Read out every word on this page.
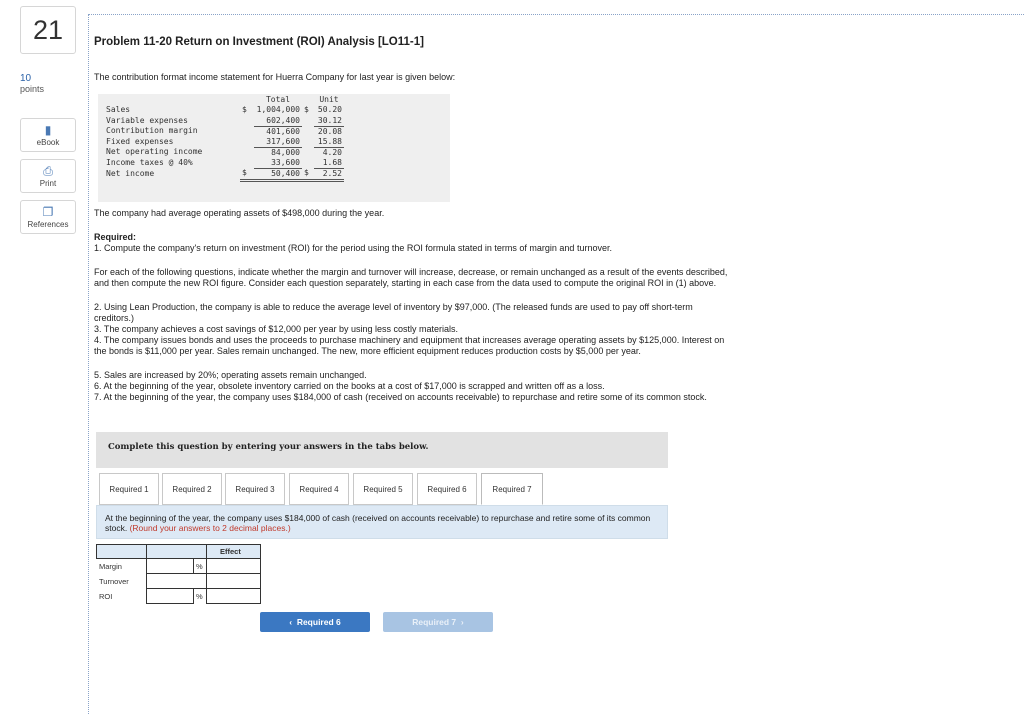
21
10
points
▮
eBook
⎙
Print
❐
References
Problem 11-20 Return on Investment (ROI) Analysis [LO11-1]
The contribution format income statement for Huerra Company for last year is given below:
		Total		Unit
Sales	$	1,004,000	$	50.20
Variable expenses		602,400		30.12
Contribution margin		401,600		20.08
Fixed expenses		317,600		15.88
Net operating income		84,000		4.20
Income taxes @ 40%		33,600		1.68
Net income	$	50,400	$	2.52
The company had average operating assets of $498,000 during the year.
Required:
1. Compute the company's return on investment (ROI) for the period using the ROI formula stated in terms of margin and turnover.
For each of the following questions, indicate whether the margin and turnover will increase, decrease, or remain unchanged as a result of the events described, and then compute the new ROI figure. Consider each question separately, starting in each case from the data used to compute the original ROI in (1) above.
2. Using Lean Production, the company is able to reduce the average level of inventory by $97,000. (The released funds are used to pay off short-term creditors.)
3. The company achieves a cost savings of $12,000 per year by using less costly materials.
4. The company issues bonds and uses the proceeds to purchase machinery and equipment that increases average operating assets by $125,000. Interest on the bonds is $11,000 per year. Sales remain unchanged. The new, more efficient equipment reduces production costs by $5,000 per year.
5. Sales are increased by 20%; operating assets remain unchanged.
6. At the beginning of the year, obsolete inventory carried on the books at a cost of $17,000 is scrapped and written off as a loss.
7. At the beginning of the year, the company uses $184,000 of cash (received on accounts receivable) to repurchase and retire some of its common stock.
Complete this question by entering your answers in the tabs below.
Required 1	Required 2	Required 3	Required 4	Required 5	Required 6	Required 7
At the beginning of the year, the company uses $184,000 of cash (received on accounts receivable) to repurchase and retire some of its common stock. (Round your answers to 2 decimal places.)
Effect
Margin	%
Turnover
ROI	%
‹ Required 6	Required 7 ›
